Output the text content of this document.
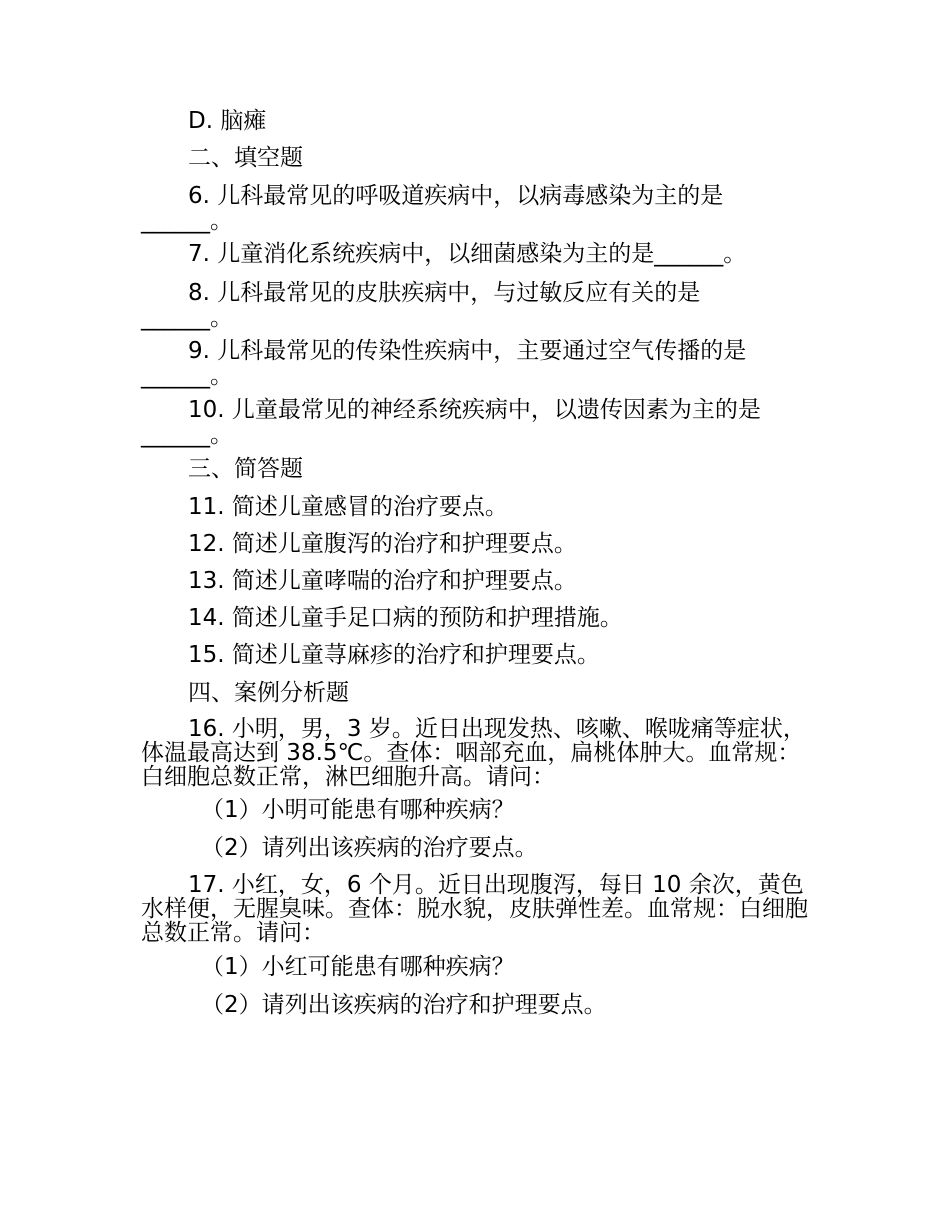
D. 脑瘫
二、填空题
6. 儿科最常见的呼吸道疾病中，以病毒感染为主的是
______。
7. 儿童消化系统疾病中，以细菌感染为主的是______。
8. 儿科最常见的皮肤疾病中，与过敏反应有关的是
______。
9. 儿科最常见的传染性疾病中，主要通过空气传播的是
______。
10. 儿童最常见的神经系统疾病中，以遗传因素为主的是
______。
三、简答题
11. 简述儿童感冒的治疗要点。
12. 简述儿童腹泻的治疗和护理要点。
13. 简述儿童哮喘的治疗和护理要点。
14. 简述儿童手足口病的预防和护理措施。
15. 简述儿童荨麻疹的治疗和护理要点。
四、案例分析题
16. 小明，男，3 岁。近日出现发热、咳嗽、喉咙痛等症状，体温最高达到 38.5℃。查体：咽部充血，扁桃体肿大。血常规：白细胞总数正常，淋巴细胞升高。请问：
（1）小明可能患有哪种疾病？
（2）请列出该疾病的治疗要点。
17. 小红，女，6 个月。近日出现腹泻，每日 10 余次，黄色水样便，无腥臭味。查体：脱水貌，皮肤弹性差。血常规：白细胞总数正常。请问：
（1）小红可能患有哪种疾病？
（2）请列出该疾病的治疗和护理要点。
